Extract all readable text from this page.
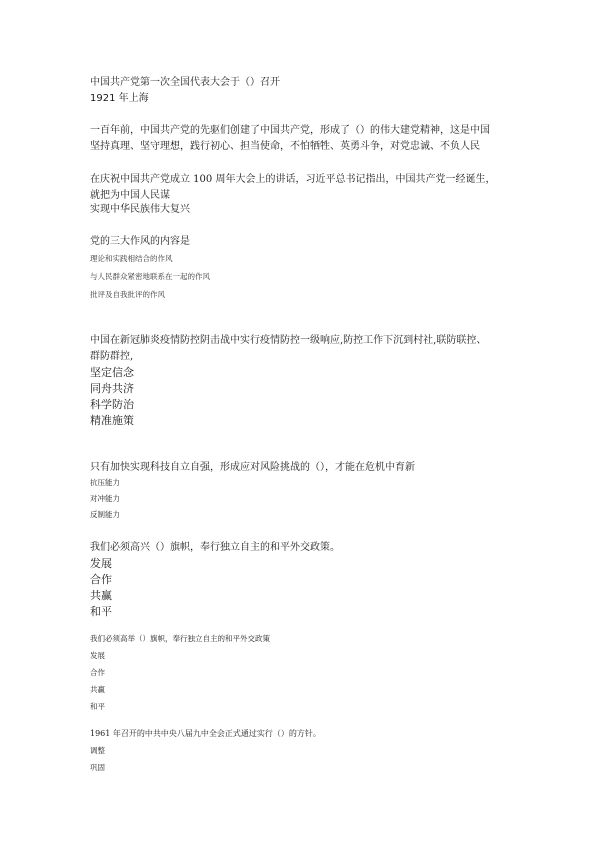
中国共产党第一次全国代表大会于（）召开
1921 年上海
一百年前，中国共产党的先驱们创建了中国共产党，形成了（）的伟大建党精神，这是中国
坚持真理、坚守理想，践行初心、担当使命，不怕牺牲、英勇斗争，对党忠诚、不负人民
在庆祝中国共产党成立 100 周年大会上的讲话，习近平总书记指出，中国共产党一经诞生，
就把为中国人民谋
实现中华民族伟大复兴
党的三大作风的内容是
理论和实践相结合的作风
与人民群众紧密地联系在一起的作风
批评及自我批评的作风
中国在新冠肺炎疫情防控阴击战中实行疫情防控一级响应,防控工作下沉到村社,联防联控、
群防群控,
坚定信念
同舟共济
科学防治
精准施策
只有加快实现科技自立自强，形成应对风险挑战的（），才能在危机中育新
抗压能力
对冲能力
反制能力
我们必须高兴（）旗帜，奉行独立自主的和平外交政策。
发展
合作
共赢
和平
我们必须高举（）旗帜，奉行独立自主的和平外交政策
发展
合作
共赢
和平
1961 年召开的中共中央八届九中全会正式通过实行（）的方针。
调整
巩固
